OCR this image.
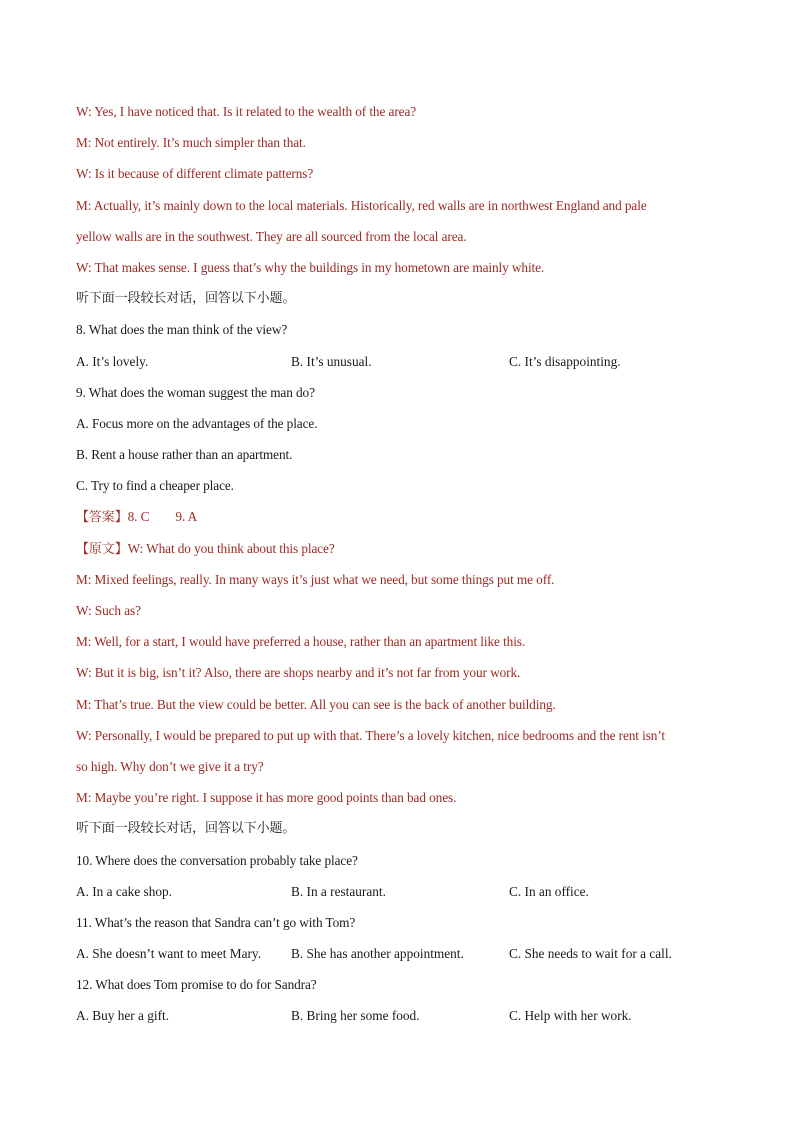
W: Yes, I have noticed that. Is it related to the wealth of the area?
M: Not entirely. It’s much simpler than that.
W: Is it because of different climate patterns?
M: Actually, it’s mainly down to the local materials. Historically, red walls are in northwest England and pale
yellow walls are in the southwest. They are all sourced from the local area.
W: That makes sense. I guess that’s why the buildings in my hometown are mainly white.
听下面一段较长对话，回答以下小题。
8. What does the man think of the view?
A. It’s lovely.	B. It’s unusual.	C. It’s disappointing.
9. What does the woman suggest the man do?
A. Focus more on the advantages of the place.
B. Rent a house rather than an apartment.
C. Try to find a cheaper place.
【答案】8. C 9. A
【原文】W: What do you think about this place?
M: Mixed feelings, really. In many ways it’s just what we need, but some things put me off.
W: Such as?
M: Well, for a start, I would have preferred a house, rather than an apartment like this.
W: But it is big, isn’t it? Also, there are shops nearby and it’s not far from your work.
M: That’s true. But the view could be better. All you can see is the back of another building.
W: Personally, I would be prepared to put up with that. There’s a lovely kitchen, nice bedrooms and the rent isn’t
so high. Why don’t we give it a try?
M: Maybe you’re right. I suppose it has more good points than bad ones.
听下面一段较长对话，回答以下小题。
10. Where does the conversation probably take place?
A. In a cake shop.	B. In a restaurant.	C. In an office.
11. What’s the reason that Sandra can’t go with Tom?
A. She doesn’t want to meet Mary.	B. She has another appointment.	C. She needs to wait for a call.
12. What does Tom promise to do for Sandra?
A. Buy her a gift.	B. Bring her some food.	C. Help with her work.
